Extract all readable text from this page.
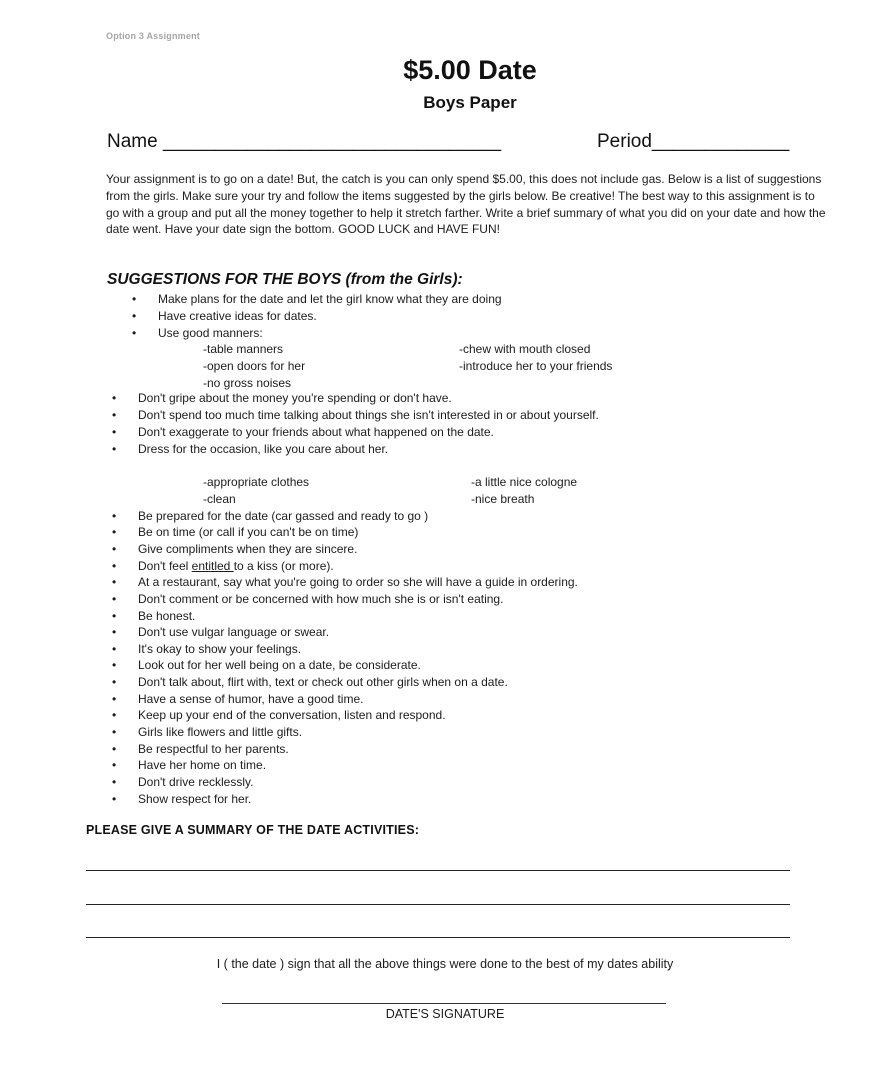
Option 3 Assignment
$5.00 Date
Boys Paper
Name ________________________________	Period_____________
Your assignment is to go on a date! But, the catch is you can only spend $5.00, this does not include gas. Below is a list of suggestions from the girls. Make sure your try and follow the items suggested by the girls below. Be creative! The best way to this assignment is to go with a group and put all the money together to help it stretch farther. Write a brief summary of what you did on your date and how the date went. Have your date sign the bottom. GOOD LUCK and HAVE FUN!
SUGGESTIONS FOR THE BOYS (from the Girls):
• Make plans for the date and let the girl know what they are doing
• Have creative ideas for dates.
• Use good manners:
-table manners
-open doors for her
-no gross noises
-chew with mouth closed
-introduce her to your friends
• Don't gripe about the money you're spending or don't have.
• Don't spend too much time talking about things she isn't interested in or about yourself.
• Don't exaggerate to your friends about what happened on the date.
• Dress for the occasion, like you care about her.
-appropriate clothes
-clean
-a little nice cologne
-nice breath
• Be prepared for the date (car gassed and ready to go )
• Be on time (or call if you can't be on time)
• Give compliments when they are sincere.
• Don't feel entitled to a kiss (or more).
• At a restaurant, say what you're going to order so she will have a guide in ordering.
• Don't comment or be concerned with how much she is or isn't eating.
• Be honest.
• Don't use vulgar language or swear.
• It's okay to show your feelings.
• Look out for her well being on a date, be considerate.
• Don't talk about, flirt with, text or check out other girls when on a date.
• Have a sense of humor, have a good time.
• Keep up your end of the conversation, listen and respond.
• Girls like flowers and little gifts.
• Be respectful to her parents.
• Have her home on time.
• Don't drive recklessly.
• Show respect for her.
PLEASE GIVE A SUMMARY OF THE DATE ACTIVITIES:
I ( the date ) sign that all the above things were done to the best of my dates ability
DATE'S SIGNATURE
